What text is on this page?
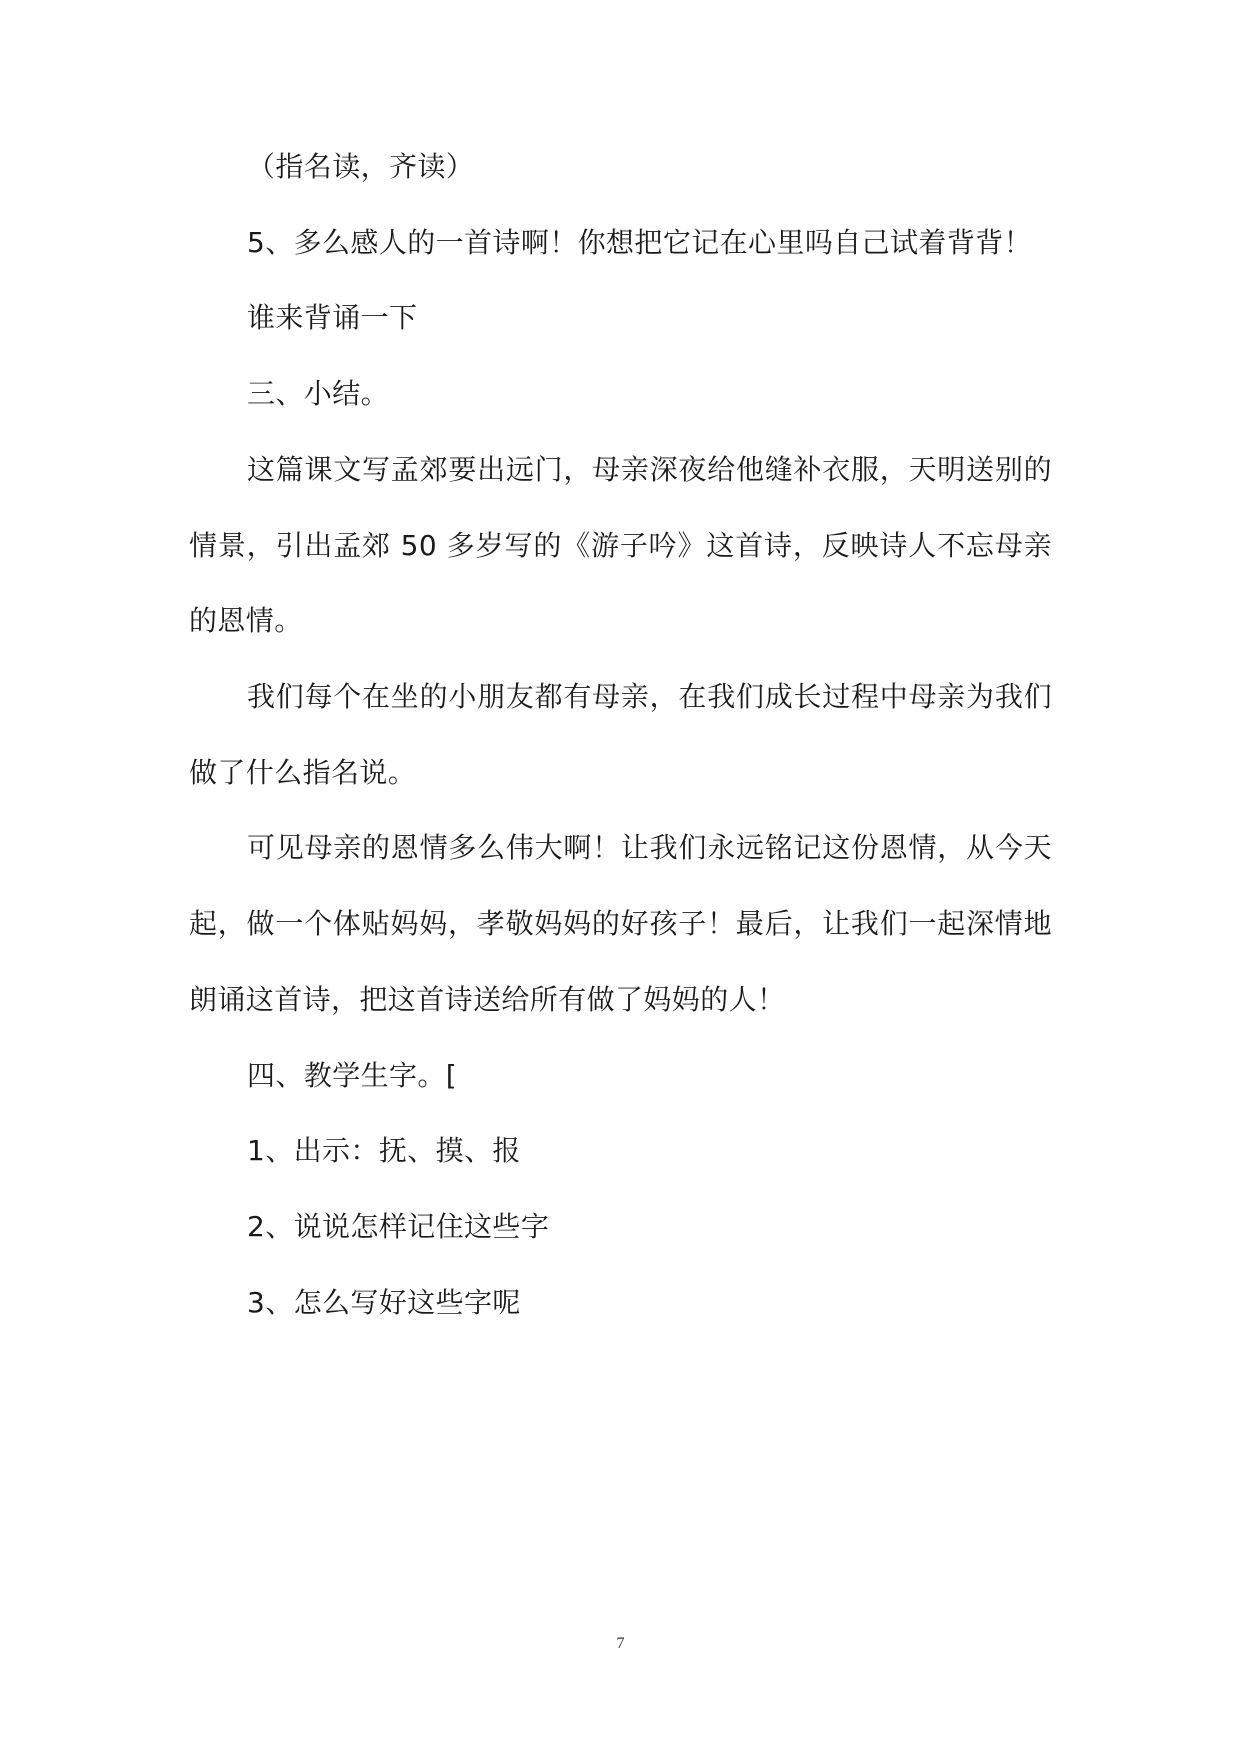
（指名读，齐读）

5、多么感人的一首诗啊！你想把它记在心里吗自己试着背背！

谁来背诵一下

三、小结。

这篇课文写孟郊要出远门，母亲深夜给他缝补衣服，天明送别的

情景，引出孟郊 50 多岁写的《游子吟》这首诗，反映诗人不忘母亲

的恩情。

我们每个在坐的小朋友都有母亲，在我们成长过程中母亲为我们

做了什么指名说。

可见母亲的恩情多么伟大啊！让我们永远铭记这份恩情，从今天

起，做一个体贴妈妈，孝敬妈妈的好孩子！最后，让我们一起深情地

朗诵这首诗，把这首诗送给所有做了妈妈的人！

四、教学生字。[

1、出示：抚、摸、报

2、说说怎样记住这些字

3、怎么写好这些字呢

7
